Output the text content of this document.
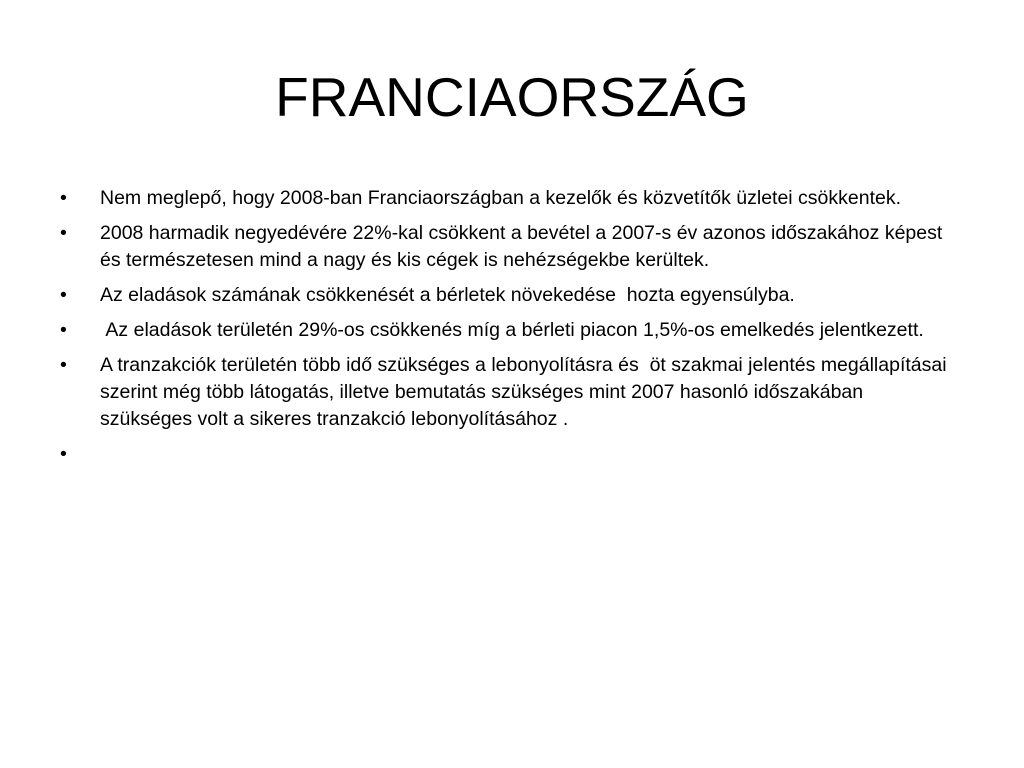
FRANCIAORSZÁG
•	Nem meglepő, hogy 2008-ban Franciaországban a kezelők és közvetítők üzletei csökkentek.
•	2008 harmadik negyedévére 22%-kal csökkent a bevétel a 2007-s év azonos időszakához képest és természetesen mind a nagy és kis cégek is nehézségekbe kerültek.
•	Az eladások számának csökkenését a bérletek növekedése  hozta egyensúlyba.
•	Az eladások területén 29%-os csökkenés míg a bérleti piacon 1,5%-os emelkedés jelentkezett.
•	A tranzakciók területén több idő szükséges a lebonyolításra és  öt szakmai jelentés megállapításai szerint még több látogatás, illetve bemutatás szükséges mint 2007 hasonló időszakában szükséges volt a sikeres tranzakció lebonyolításához .
•
